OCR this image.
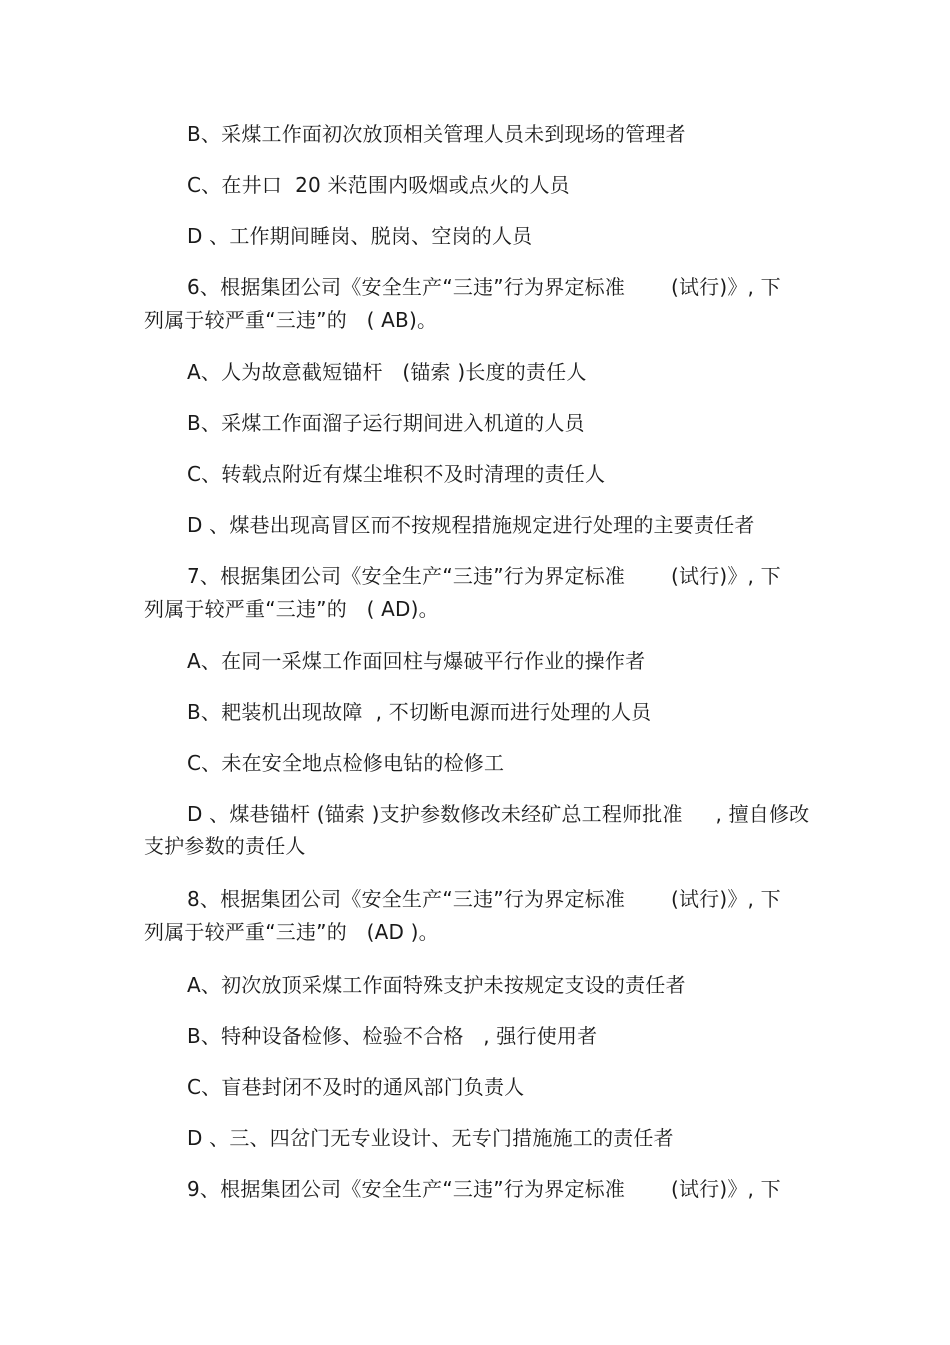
B、采煤工作面初次放顶相关管理人员未到现场的管理者
C、在井口  20 米范围内吸烟或点火的人员
D 、工作期间睡岗、脱岗、空岗的人员
6、根据集团公司《安全生产“三违”行为界定标准       (试行)》, 下
列属于较严重“三违”的   ( AB)。
A、人为故意截短锚杆   (锚索 )长度的责任人
B、采煤工作面溜子运行期间进入机道的人员
C、转载点附近有煤尘堆积不及时清理的责任人
D 、煤巷出现高冒区而不按规程措施规定进行处理的主要责任者
7、根据集团公司《安全生产“三违”行为界定标准       (试行)》, 下
列属于较严重“三违”的   ( AD)。
A、在同一采煤工作面回柱与爆破平行作业的操作者
B、耙装机出现故障  , 不切断电源而进行处理的人员
C、未在安全地点检修电钻的检修工
D 、煤巷锚杆 (锚索 )支护参数修改未经矿总工程师批准     , 擅自修改
支护参数的责任人
8、根据集团公司《安全生产“三违”行为界定标准       (试行)》, 下
列属于较严重“三违”的   (AD )。
A、初次放顶采煤工作面特殊支护未按规定支设的责任者
B、特种设备检修、检验不合格   , 强行使用者
C、盲巷封闭不及时的通风部门负责人
D 、三、四岔门无专业设计、无专门措施施工的责任者
9、根据集团公司《安全生产“三违”行为界定标准       (试行)》, 下
